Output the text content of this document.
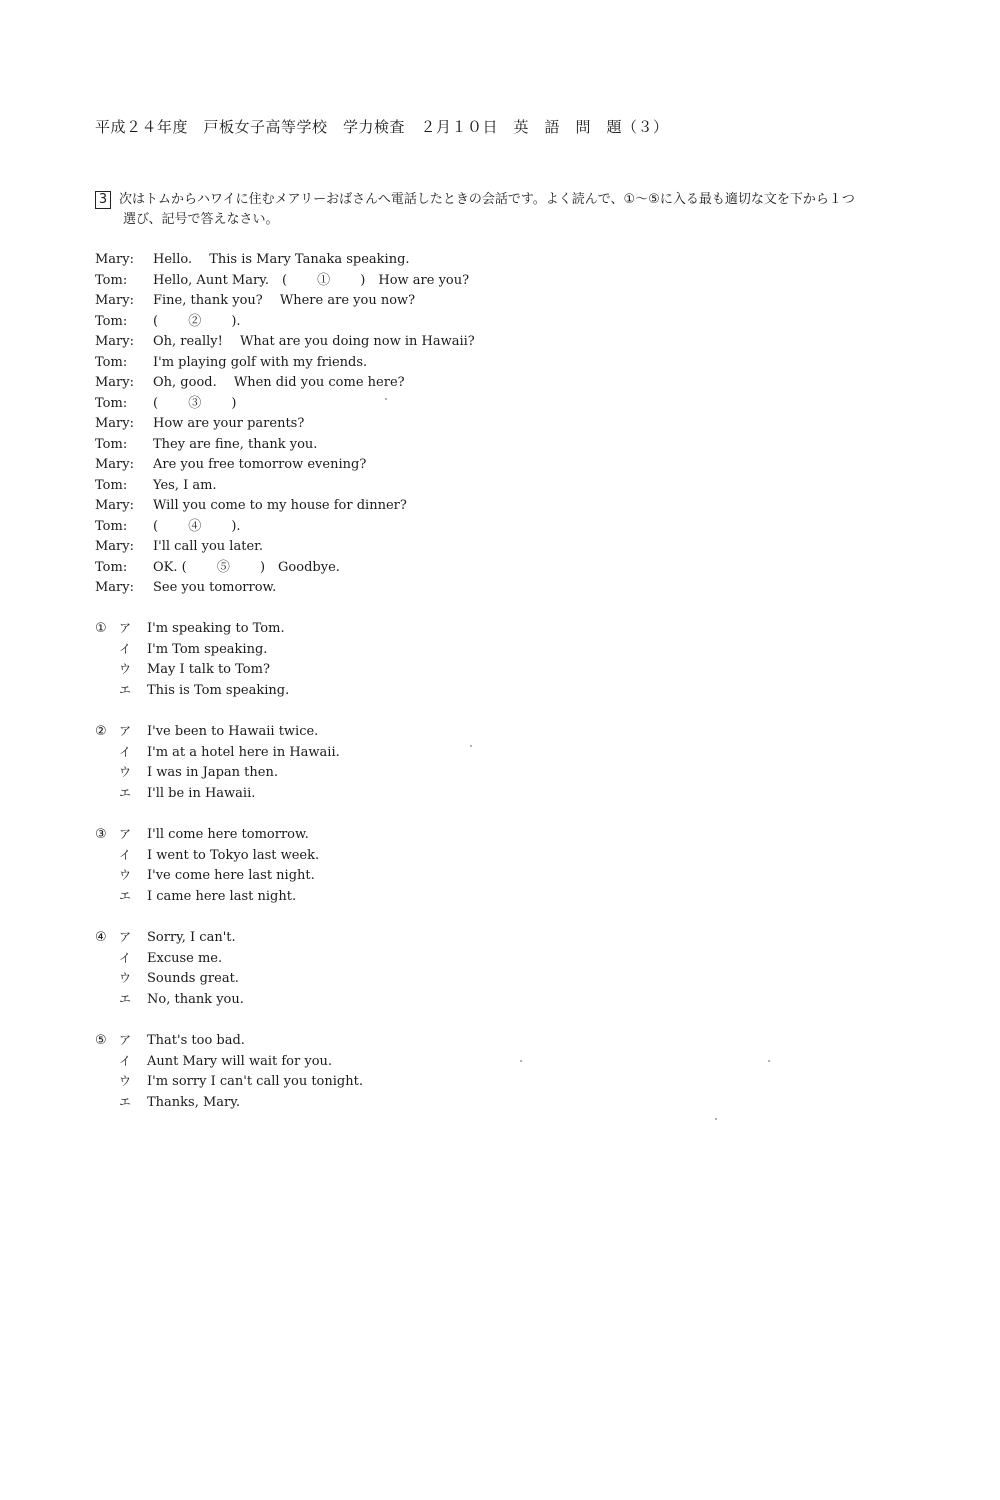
平成２４年度　戸板女子高等学校　学力検査　２月１０日　英　語　問　題（３）
3 次はトムからハワイに住むメアリーおばさんへ電話したときの会話です。よく読んで、①～⑤に入る最も適切な文を下から１つ
選び、記号で答えなさい。
Mary: Hello.　 This is Mary Tanaka speaking.
Tom: Hello, Aunt Mary.　(　　 ①　　 )　How are you?
Mary: Fine, thank you?　 Where are you now?
Tom: (　　 ②　　 ).
Mary: Oh, really!　 What are you doing now in Hawaii?
Tom: I'm playing golf with my friends.
Mary: Oh, good.　 When did you come here?
Tom: (　　 ③　　 )
Mary: How are your parents?
Tom: They are fine, thank you.
Mary: Are you free tomorrow evening?
Tom: Yes, I am.
Mary: Will you come to my house for dinner?
Tom: (　　 ④　　 ).
Mary: I'll call you later.
Tom: OK. (　　 ⑤　　 )　Goodbye.
Mary: See you tomorrow.
① ア I'm speaking to Tom.
イ I'm Tom speaking.
ウ May I talk to Tom?
エ This is Tom speaking.
② ア I've been to Hawaii twice.
イ I'm at a hotel here in Hawaii.
ウ I was in Japan then.
エ I'll be in Hawaii.
③ ア I'll come here tomorrow.
イ I went to Tokyo last week.
ウ I've come here last night.
エ I came here last night.
④ ア Sorry, I can't.
イ Excuse me.
ウ Sounds great.
エ No, thank you.
⑤ ア That's too bad.
イ Aunt Mary will wait for you.
ウ I'm sorry I can't call you tonight.
エ Thanks, Mary.
